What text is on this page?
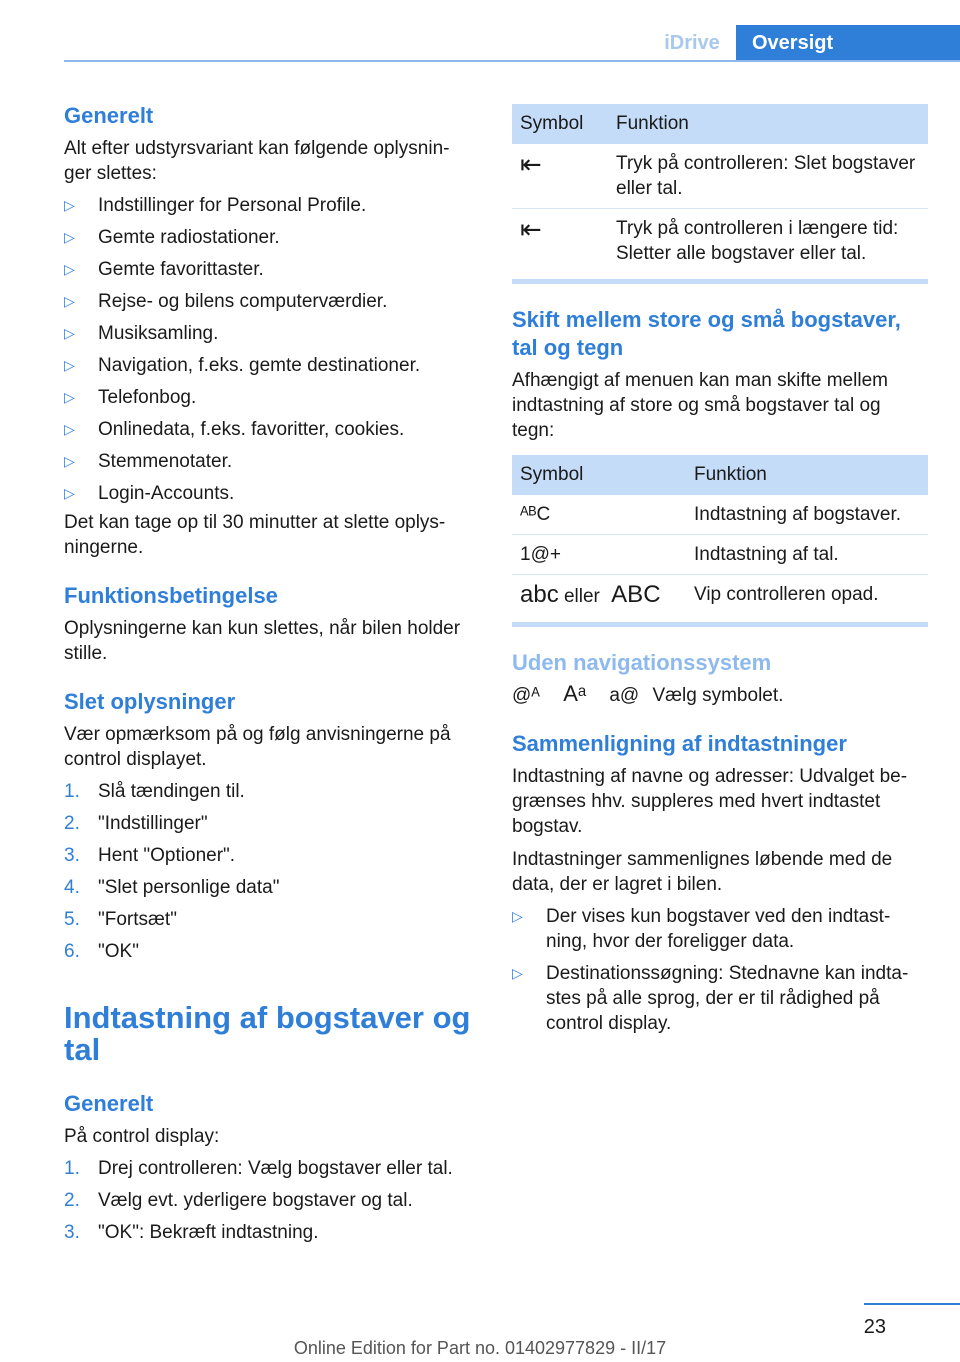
iDrive	Oversigt
Generelt

Alt efter udstyrsvariant kan følgende oplysnin-ger slettes:

▷ Indstillinger for Personal Profile.
▷ Gemte radiostationer.
▷ Gemte favorittaster.
▷ Rejse- og bilens computerværdier.
▷ Musiksamling.
▷ Navigation, f.eks. gemte destinationer.
▷ Telefonbog.
▷ Onlinedata, f.eks. favoritter, cookies.
▷ Stemmenotater.
▷ Login-Accounts.

Det kan tage op til 30 minutter at slette oplys-ningerne.

Funktionsbetingelse

Oplysningerne kan kun slettes, når bilen holder stille.

Slet oplysninger

Vær opmærksom på og følg anvisningerne på control displayet.

1. Slå tændingen til.
2. "Indstillinger"
3. Hent "Optioner".
4. "Slet personlige data"
5. "Fortsæt"
6. "OK"
Indtastning af bogstaver og tal
Generelt

På control display:

1. Drej controlleren: Vælg bogstaver eller tal.
2. Vælg evt. yderligere bogstaver og tal.
3. "OK": Bekræft indtastning.
Symbol	Funktion
⇤	Tryk på controlleren: Slet bogstaver eller tal.
⇤	Tryk på controlleren i længere tid: Sletter alle bogstaver eller tal.
Skift mellem store og små bogstaver, tal og tegn

Afhængigt af menuen kan man skifte mellem indtastning af store og små bogstaver tal og tegn:

Symbol	Funktion
ᴬᴮC	Indtastning af bogstaver.
1@+	Indtastning af tal.
abc eller ABC	Vip controlleren opad.
Uden navigationssystem
@ᴬ Aᵃ a@ Vælg symbolet.
Sammenligning af indtastninger

Indtastning af navne og adresser: Udvalget be-grænses hhv. suppleres med hvert indtastet bogstav.

Indtastninger sammenlignes løbende med de data, der er lagret i bilen.

▷ Der vises kun bogstaver ved den indtast-ning, hvor der foreligger data.
▷ Destinationssøgning: Stednavne kan indta-stes på alle sprog, der er til rådighed på control display.
23
Online Edition for Part no. 01402977829 - II/17
